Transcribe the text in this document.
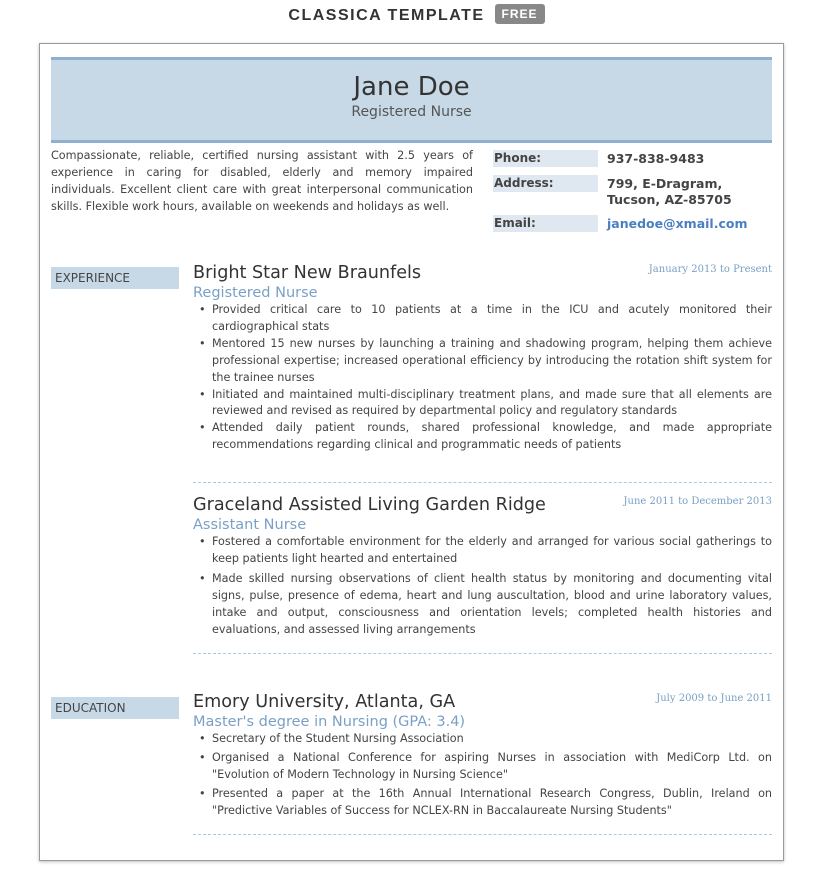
CLASSICA TEMPLATE FREE
Jane Doe
Registered Nurse
Compassionate, reliable, certified nursing assistant with 2.5 years of experience in caring for disabled, elderly and memory impaired individuals. Excellent client care with great interpersonal communication skills. Flexible work hours, available on weekends and holidays as well.
Phone:	937-838-9483
Address:	799, E-Dragram,
Tucson, AZ-85705
Email:	janedoe@xmail.com
EXPERIENCE	Bright Star New Braunfels	January 2013 to Present
Registered Nurse
• Provided critical care to 10 patients at a time in the ICU and acutely monitored their cardiographical stats
• Mentored 15 new nurses by launching a training and shadowing program, helping them achieve professional expertise; increased operational efficiency by introducing the rotation shift system for the trainee nurses
• Initiated and maintained multi-disciplinary treatment plans, and made sure that all elements are reviewed and revised as required by departmental policy and regulatory standards
• Attended daily patient rounds, shared professional knowledge, and made appropriate recommendations regarding clinical and programmatic needs of patients
Graceland Assisted Living Garden Ridge	June 2011 to December 2013
Assistant Nurse
• Fostered a comfortable environment for the elderly and arranged for various social gatherings to keep patients light hearted and entertained
• Made skilled nursing observations of client health status by monitoring and documenting vital signs, pulse, presence of edema, heart and lung auscultation, blood and urine laboratory values, intake and output, consciousness and orientation levels; completed health histories and evaluations, and assessed living arrangements
EDUCATION	Emory University, Atlanta, GA	July 2009 to June 2011
Master's degree in Nursing (GPA: 3.4)
• Secretary of the Student Nursing Association
• Organised a National Conference for aspiring Nurses in association with MediCorp Ltd. on "Evolution of Modern Technology in Nursing Science"
• Presented a paper at the 16th Annual International Research Congress, Dublin, Ireland on "Predictive Variables of Success for NCLEX-RN in Baccalaureate Nursing Students"
